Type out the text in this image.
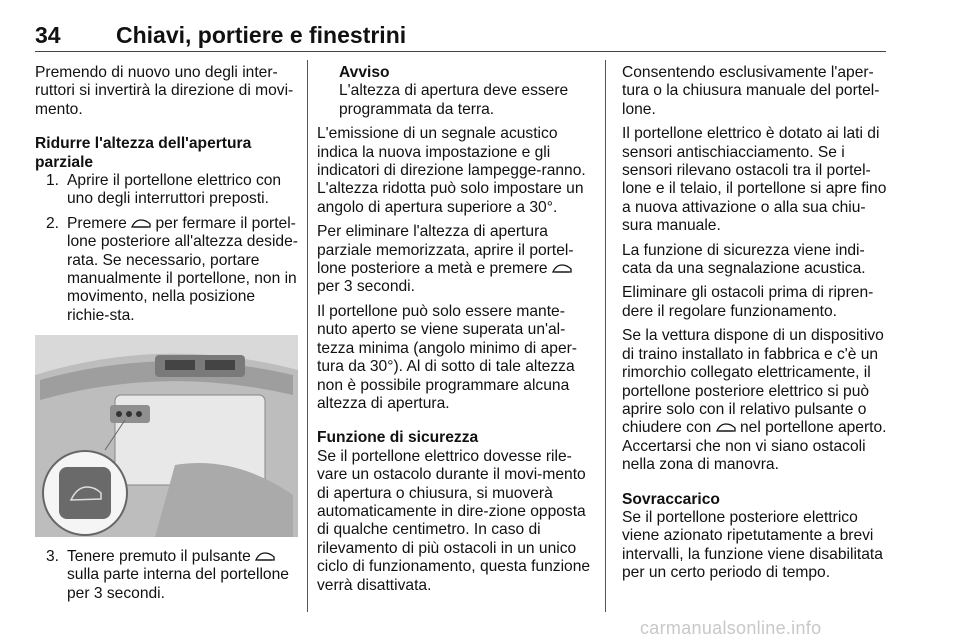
34 Chiavi, portiere e finestrini

Premendo di nuovo uno degli inter-ruttori si invertirà la direzione di movi-mento.

Ridurre l'altezza dell'apertura parziale
1. Aprire il portellone elettrico con uno degli interruttori preposti.
2. Premere per fermare il portel-lone posteriore all'altezza deside-rata. Se necessario, portare manualmente il portellone, non in movimento, nella posizione richie-sta.
3. Tenere premuto il pulsante  sulla parte interna del portellone per 3 secondi.
Avviso
L'altezza di apertura deve essere programmata da terra.

L'emissione di un segnale acustico indica la nuova impostazione e gli indicatori di direzione lampegge-ranno. L'altezza ridotta può solo impostare un angolo di apertura superiore a 30°.

Per eliminare l'altezza di apertura parziale memorizzata, aprire il portel-lone posteriore a metà e premere  per 3 secondi.

Il portellone può solo essere mante-nuto aperto se viene superata un'al-tezza minima (angolo minimo di aper-tura da 30°). Al di sotto di tale altezza non è possibile programmare alcuna altezza di apertura.

Funzione di sicurezza

Se il portellone elettrico dovesse rile-vare un ostacolo durante il movi-mento di apertura o chiusura, si muoverà automaticamente in dire-zione opposta di qualche centimetro. In caso di rilevamento di più ostacoli in un unico ciclo di funzionamento, questa funzione verrà disattivata.

Consentendo esclusivamente l'aper-tura o la chiusura manuale del portel-lone.

Il portellone elettrico è dotato ai lati di sensori antischiacciamento. Se i sensori rilevano ostacoli tra il portel-lone e il telaio, il portellone si apre fino a nuova attivazione o alla sua chiu-sura manuale.

La funzione di sicurezza viene indi-cata da una segnalazione acustica.

Eliminare gli ostacoli prima di ripren-dere il regolare funzionamento.

Se la vettura dispone di un dispositivo di traino installato in fabbrica e c'è un rimorchio collegato elettricamente, il portellone posteriore elettrico si può aprire solo con il relativo pulsante o chiudere con nel portellone aperto. Accertarsi che non vi siano ostacoli nella zona di manovra.

Sovraccarico

Se il portellone posteriore elettrico viene azionato ripetutamente a brevi intervalli, la funzione viene disabilitata per un certo periodo di tempo.

carmanualsonline.info
